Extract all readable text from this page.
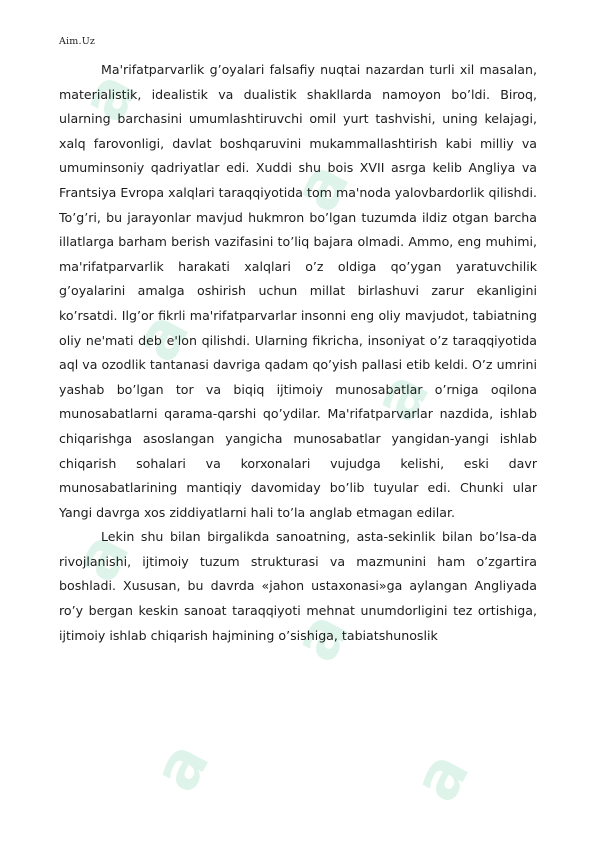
Aim.Uz
a
a
a
a
a
a
a	a

Ma'rifatparvarlik g’oyalari falsafiy nuqtai nazardan turli xil masalan, materialistik, idealistik va dualistik shakllarda namoyon bo’ldi. Biroq, ularning barchasini umumlashtiruvchi omil yurt tashvishi, uning kelajagi, xalq farovonligi, davlat boshqaruvini mukammallashtirish kabi milliy va umuminsoniy qadriyatlar edi. Xuddi shu bois XVII asrga kelib Angliya va Frantsiya Evropa xalqlari taraqqiyotida tom ma'noda yalovbardorlik qilishdi. To’g’ri, bu jarayonlar mavjud hukmron bo’lgan tuzumda ildiz otgan barcha illatlarga barham berish vazifasini to’liq bajara olmadi. Ammo, eng muhimi, ma'rifatparvarlik harakati xalqlari o’z oldiga qo’ygan yaratuvchilik g’oyalarini amalga oshirish uchun millat birlashuvi zarur ekanligini ko’rsatdi. Ilg’or fikrli ma'rifatparvarlar insonni eng oliy mavjudot, tabiatning oliy ne'mati deb e'lon qilishdi. Ularning fikricha, insoniyat o’z taraqqiyotida aql va ozodlik tantanasi davriga qadam qo’yish pallasi etib keldi. O’z umrini yashab bo’lgan tor va biqiq ijtimoiy munosabatlar o’rniga oqilona munosabatlarni qarama-qarshi qo’ydilar. Ma'rifatparvarlar nazdida, ishlab chiqarishga asoslangan yangicha munosabatlar yangidan-yangi ishlab chiqarish sohalari va korxonalari vujudga kelishi, eski davr munosabatlarining mantiqiy davomiday bo’lib tuyular edi. Chunki ular Yangi davrga xos ziddiyatlarni hali to’la anglab etmagan edilar.

Lekin shu bilan birgalikda sanoatning, asta-sekinlik bilan bo’lsa-da rivojlanishi, ijtimoiy tuzum strukturasi va mazmunini ham o’zgartira boshladi. Xususan, bu davrda «jahon ustaxonasi»ga aylangan Angliyada ro’y bergan keskin sanoat taraqqiyoti mehnat unumdorligini tez ortishiga, ijtimoiy ishlab chiqarish hajmining o’sishiga, tabiatshunoslik
